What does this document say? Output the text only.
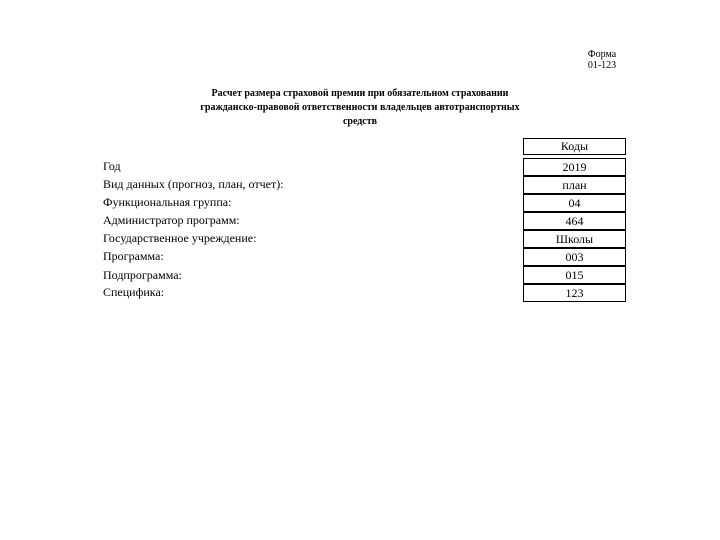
Форма
01-123
Расчет размера страховой премии при обязательном страховании
гражданско-правовой ответственности владельцев автотранспортных
средств
Коды
Год
Вид данных (прогноз, план, отчет):
Функциональная группа:
Администратор программ:
Государственное учреждение:
Программа:
Подпрограмма:
Специфика:
2019
план
04
464
Школы
003
015
123
